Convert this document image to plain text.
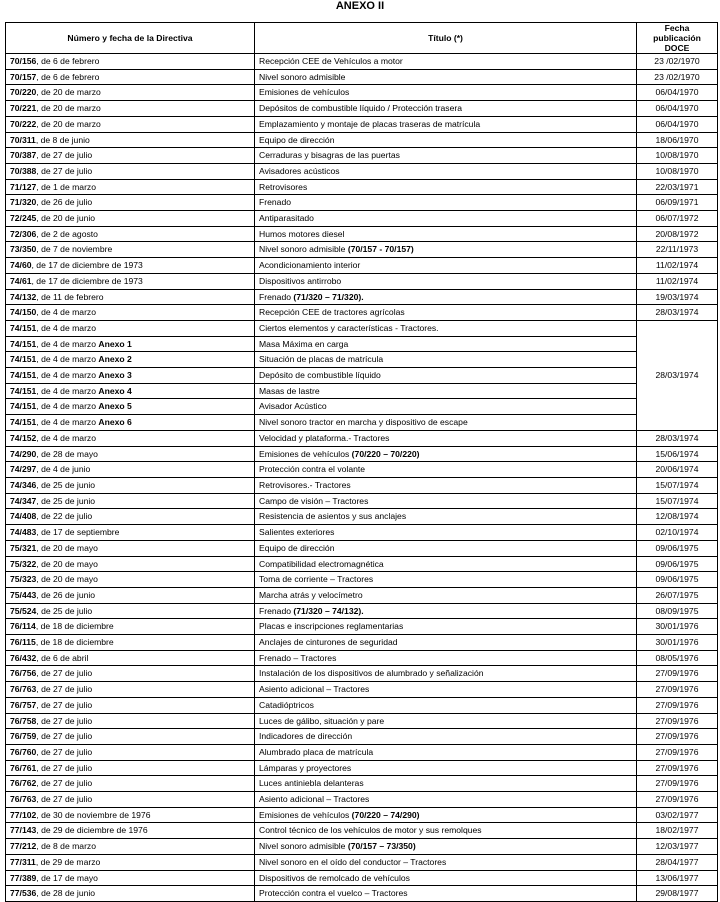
ANEXO II
Número y fecha de la Directiva	Título (*)	Fecha publicación DOCE
70/156, de 6 de febrero	Recepción CEE de Vehículos a motor	23 /02/1970
70/157, de 6 de febrero	Nivel sonoro admisible	23 /02/1970
70/220, de 20 de marzo	Emisiones de vehículos	06/04/1970
70/221, de 20 de marzo	Depósitos de combustible líquido / Protección trasera	06/04/1970
70/222, de 20 de marzo	Emplazamiento y montaje de placas traseras de matrícula	06/04/1970
70/311, de 8 de junio	Equipo de dirección	18/06/1970
70/387, de 27 de julio	Cerraduras y bisagras de las puertas	10/08/1970
70/388, de 27 de julio	Avisadores acústicos	10/08/1970
71/127, de 1 de marzo	Retrovisores	22/03/1971
71/320, de 26 de julio	Frenado	06/09/1971
72/245, de 20 de junio	Antiparasitado	06/07/1972
72/306, de 2 de agosto	Humos motores diesel	20/08/1972
73/350, de 7 de noviembre	Nivel sonoro admisible (70/157 - 70/157)	22/11/1973
74/60, de 17 de diciembre de 1973	Acondicionamiento interior	11/02/1974
74/61, de 17 de diciembre de 1973	Dispositivos antirrobo	11/02/1974
74/132, de 11 de febrero	Frenado (71/320 – 71/320).	19/03/1974
74/150, de 4 de marzo	Recepción CEE de tractores agrícolas	28/03/1974
74/151, de 4 de marzo	Ciertos elementos y características - Tractores.	28/03/1974
74/151, de 4 de marzo Anexo 1	Masa Máxima en carga	
74/151, de 4 de marzo Anexo 2	Situación de placas de matrícula	
74/151, de 4 de marzo Anexo 3	Depósito de combustible líquido	
74/151, de 4 de marzo Anexo 4	Masas de lastre	
74/151, de 4 de marzo Anexo 5	Avisador Acústico	
74/151, de 4 de marzo Anexo 6	Nivel sonoro tractor en marcha y dispositivo de escape	
74/152, de 4 de marzo	Velocidad y plataforma.- Tractores	28/03/1974
74/290, de 28 de mayo	Emisiones de vehículos (70/220 – 70/220)	15/06/1974
74/297, de 4 de junio	Protección contra el volante	20/06/1974
74/346, de 25 de junio	Retrovisores.- Tractores	15/07/1974
74/347, de 25 de junio	Campo de visión – Tractores	15/07/1974
74/408, de 22 de julio	Resistencia de asientos y sus anclajes	12/08/1974
74/483, de 17 de septiembre	Salientes exteriores	02/10/1974
75/321, de 20 de mayo	Equipo de dirección	09/06/1975
75/322, de 20 de mayo	Compatibilidad electromagnética	09/06/1975
75/323, de 20 de mayo	Toma de corriente – Tractores	09/06/1975
75/443, de 26 de junio	Marcha atrás y velocímetro	26/07/1975
75/524, de 25 de julio	Frenado (71/320 – 74/132).	08/09/1975
76/114, de 18 de diciembre	Placas e inscripciones reglamentarias	30/01/1976
76/115, de 18 de diciembre	Anclajes de cinturones de seguridad	30/01/1976
76/432, de 6 de abril	Frenado – Tractores	08/05/1976
76/756, de 27 de julio	Instalación de los dispositivos de alumbrado y señalización	27/09/1976
76/763, de 27 de julio	Asiento adicional – Tractores	27/09/1976
76/757, de 27 de julio	Catadióptricos	27/09/1976
76/758, de 27 de julio	Luces de gálibo, situación y pare	27/09/1976
76/759, de 27 de julio	Indicadores de dirección	27/09/1976
76/760, de 27 de julio	Alumbrado placa de matrícula	27/09/1976
76/761, de 27 de julio	Lámparas y proyectores	27/09/1976
76/762, de 27 de julio	Luces antiniebla delanteras	27/09/1976
76/763, de 27 de julio	Asiento adicional – Tractores	27/09/1976
77/102, de 30 de noviembre de 1976	Emisiones de vehículos (70/220 – 74/290)	03/02/1977
77/143, de 29 de diciembre de 1976	Control técnico de los vehículos de motor y sus remolques	18/02/1977
77/212, de 8 de marzo	Nivel sonoro admisible (70/157 – 73/350)	12/03/1977
77/311, de 29 de marzo	Nivel sonoro en el oído del conductor – Tractores	28/04/1977
77/389, de 17 de mayo	Dispositivos de remolcado de vehículos	13/06/1977
77/536, de 28 de junio	Protección contra el vuelco – Tractores	29/08/1977
